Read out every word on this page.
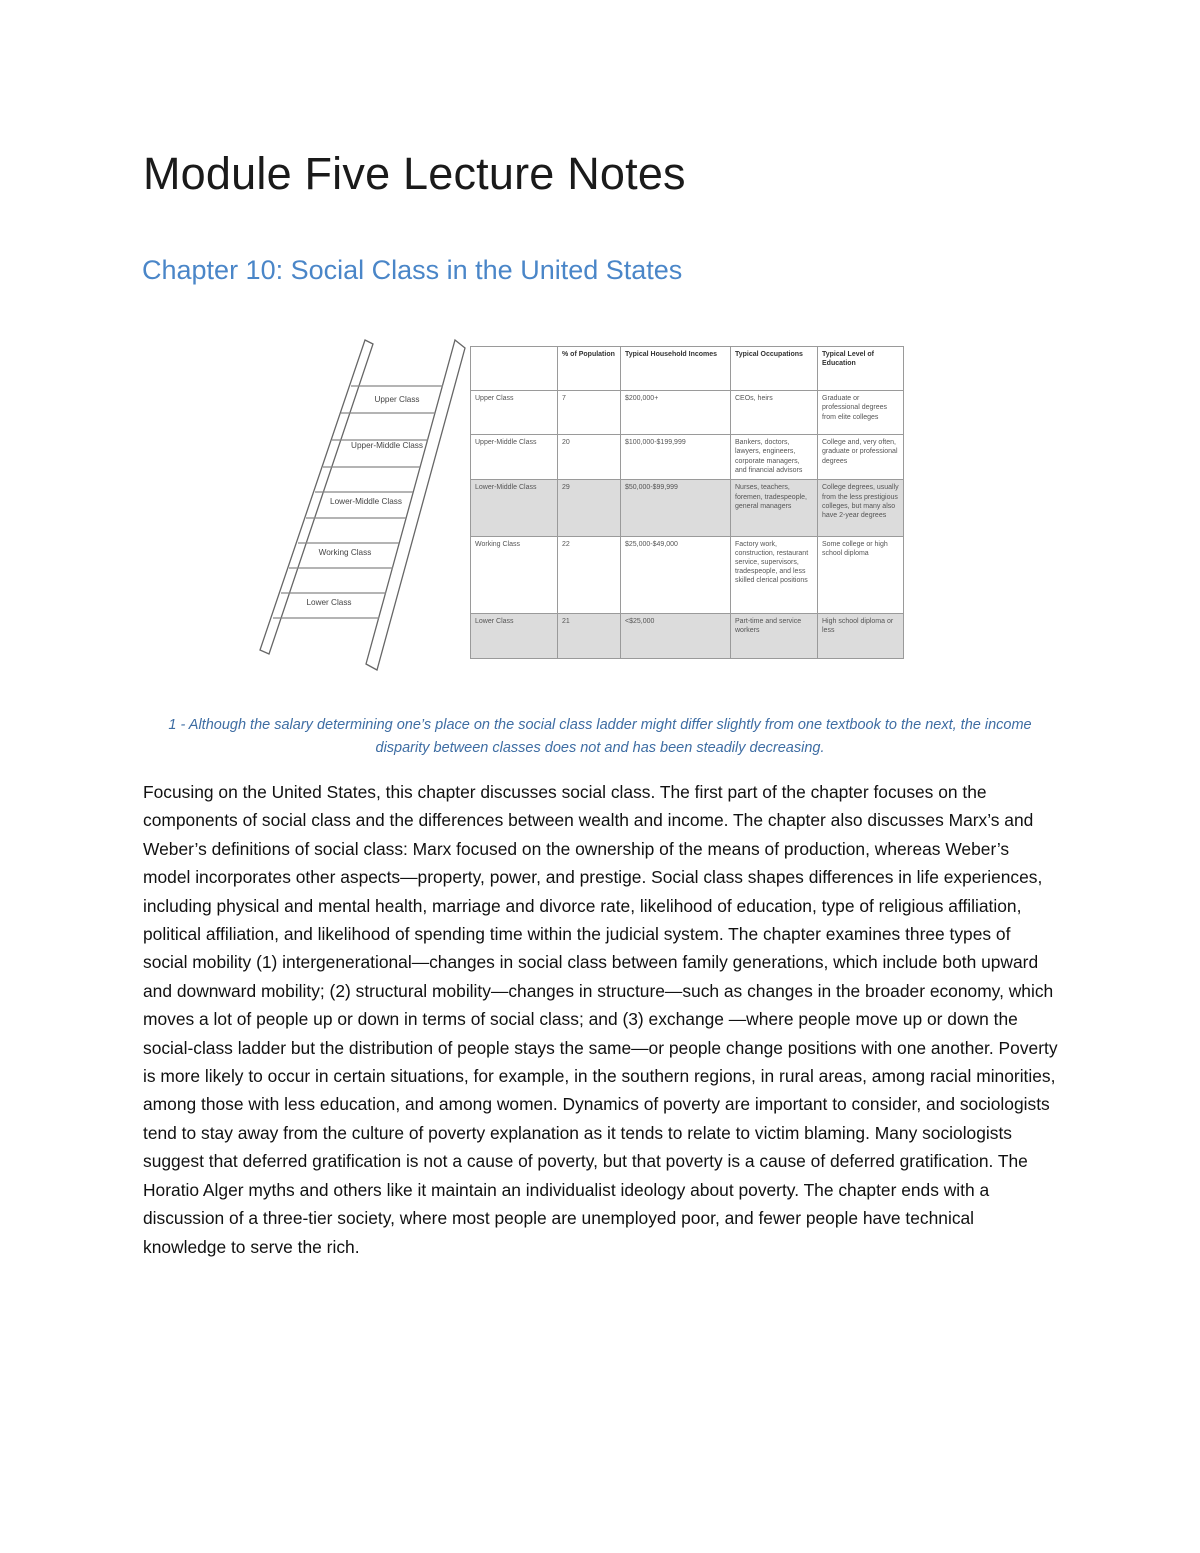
Module Five Lecture Notes
Chapter 10: Social Class in the United States
Upper Class
Upper-Middle Class
Lower-Middle Class
Working Class
Lower Class
	% of Population	Typical Household Incomes	Typical Occupations	Typical Level of Education
Upper Class	7	$200,000+	CEOs, heirs	Graduate or professional degrees from elite colleges
Upper-Middle Class	20	$100,000-$199,999	Bankers, doctors, lawyers, engineers, corporate managers, and financial advisors	College and, very often, graduate or professional degrees
Lower-Middle Class	29	$50,000-$99,999	Nurses, teachers, foremen, tradespeople, general managers	College degrees, usually from the less prestigious colleges, but many also have 2-year degrees
Working Class	22	$25,000-$49,000	Factory work, construction, restaurant service, supervisors, tradespeople, and less skilled clerical positions	Some college or high school diploma
Lower Class	21	<$25,000	Part-time and service workers	High school diploma or less

1 - Although the salary determining one’s place on the social class ladder might differ slightly from one textbook to the next, the income disparity between classes does not and has been steadily decreasing.

Focusing on the United States, this chapter discusses social class. The first part of the chapter focuses on the components of social class and the differences between wealth and income. The chapter also discusses Marx’s and Weber’s definitions of social class: Marx focused on the ownership of the means of production, whereas Weber’s model incorporates other aspects—property, power, and prestige. Social class shapes differences in life experiences, including physical and mental health, marriage and divorce rate, likelihood of education, type of religious affiliation, political affiliation, and likelihood of spending time within the judicial system. The chapter examines three types of social mobility (1) intergenerational—changes in social class between family generations, which include both upward and downward mobility; (2) structural mobility—changes in structure—such as changes in the broader economy, which moves a lot of people up or down in terms of social class; and (3) exchange —where people move up or down the social-class ladder but the distribution of people stays the same—or people change positions with one another. Poverty is more likely to occur in certain situations, for example, in the southern regions, in rural areas, among racial minorities, among those with less education, and among women. Dynamics of poverty are important to consider, and sociologists tend to stay away from the culture of poverty explanation as it tends to relate to victim blaming. Many sociologists suggest that deferred gratification is not a cause of poverty, but that poverty is a cause of deferred gratification. The Horatio Alger myths and others like it maintain an individualist ideology about poverty. The chapter ends with a discussion of a three-tier society, where most people are unemployed poor, and fewer people have technical knowledge to serve the rich.
